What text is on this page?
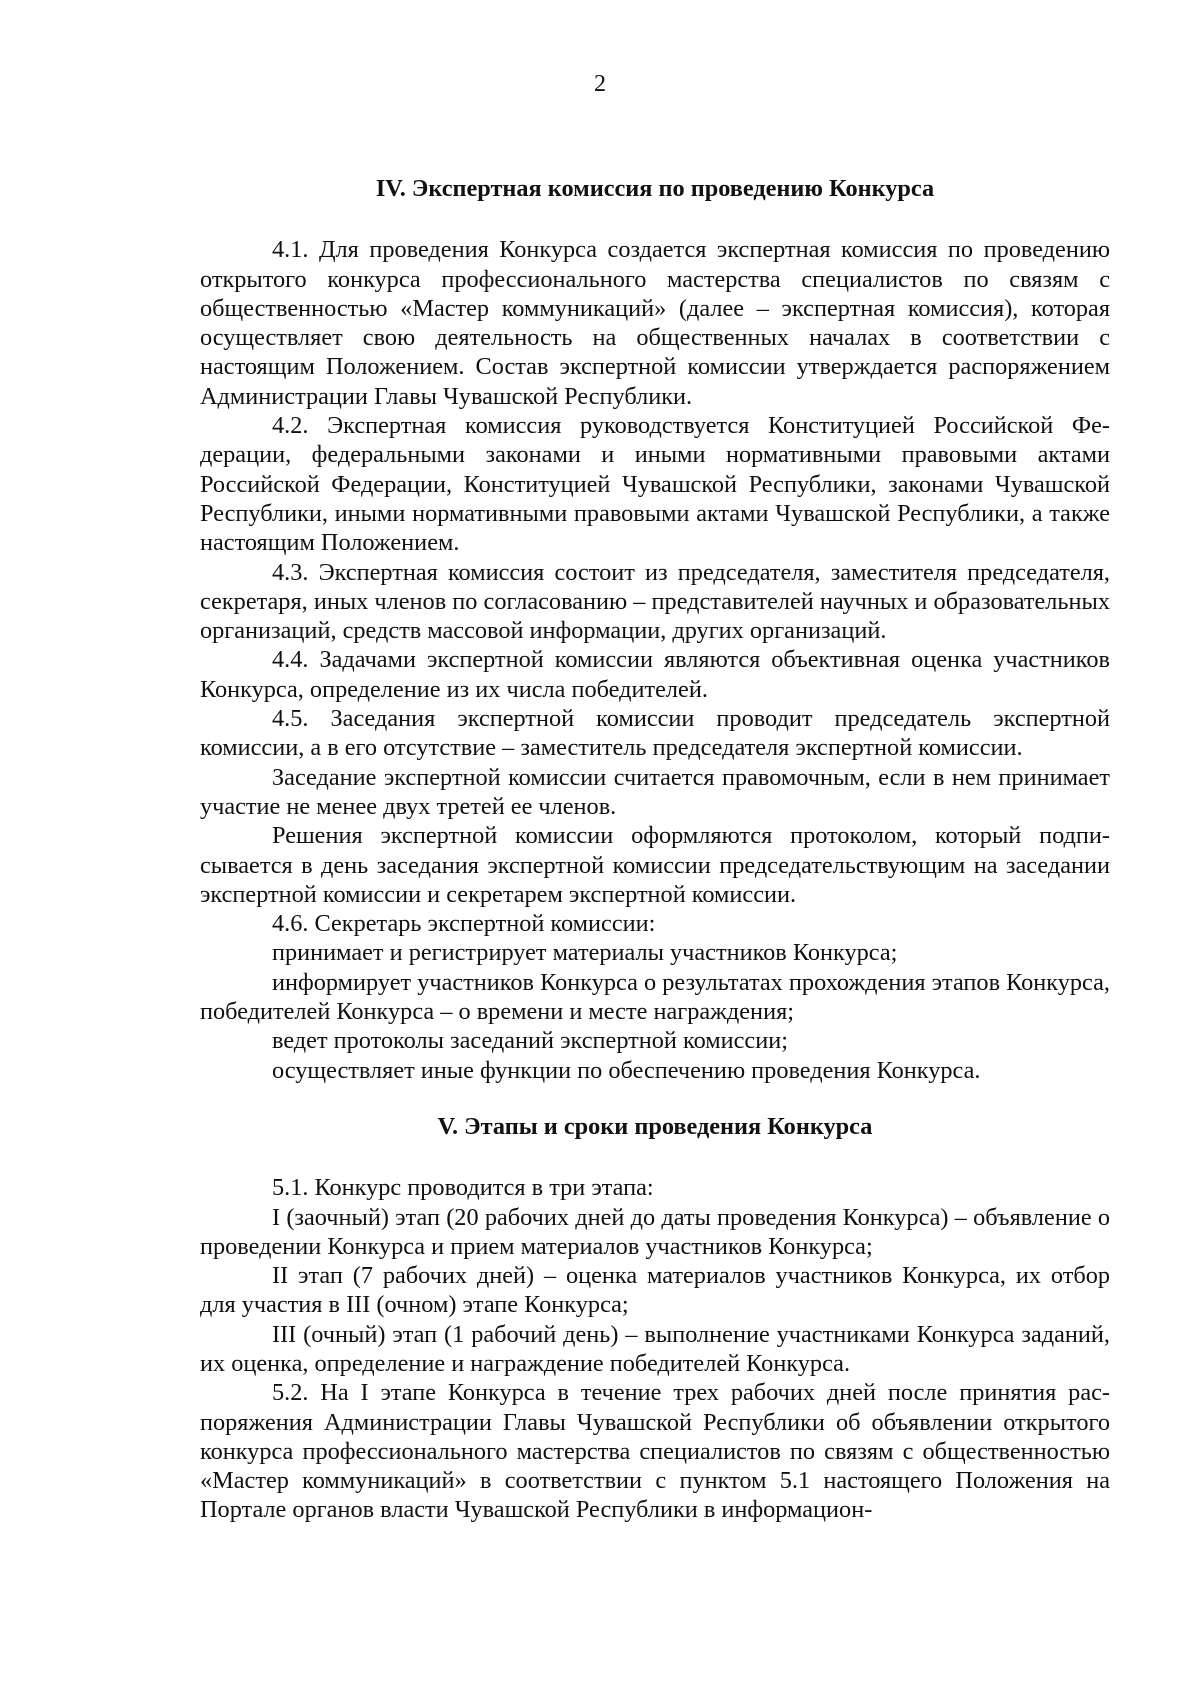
2

IV. Экспертная комиссия по проведению Конкурса

4.1. Для проведения Конкурса создается экспертная комиссия по проведению открытого конкурса профессионального мастерства специалистов по связям с общественностью «Мастер коммуникаций» (далее – экспертная комиссия), которая осуществляет свою деятельность на общественных началах в соответствии с настоящим Положением. Состав экспертной комиссии утверждается распоряжением Администрации Главы Чувашской Республики.

4.2. Экспертная комиссия руководствуется Конституцией Российской Федерации, федеральными законами и иными нормативными правовыми актами Российской Федерации, Конституцией Чувашской Республики, законами Чувашской Республики, иными нормативными правовыми актами Чувашской Республики, а также настоящим Положением.

4.3. Экспертная комиссия состоит из председателя, заместителя председателя, секретаря, иных членов по согласованию – представителей научных и образовательных организаций, средств массовой информации, других организаций.

4.4. Задачами экспертной комиссии являются объективная оценка участников Конкурса, определение из их числа победителей.

4.5. Заседания экспертной комиссии проводит председатель экспертной комиссии, а в его отсутствие – заместитель председателя экспертной комиссии.

Заседание экспертной комиссии считается правомочным, если в нем принимает участие не менее двух третей ее членов.

Решения экспертной комиссии оформляются протоколом, который подписывается в день заседания экспертной комиссии председательствующим на заседании экспертной комиссии и секретарем экспертной комиссии.

4.6. Секретарь экспертной комиссии:

принимает и регистрирует материалы участников Конкурса;

информирует участников Конкурса о результатах прохождения этапов Конкурса, победителей Конкурса – о времени и месте награждения;

ведет протоколы заседаний экспертной комиссии;

осуществляет иные функции по обеспечению проведения Конкурса.

V. Этапы и сроки проведения Конкурса

5.1. Конкурс проводится в три этапа:

I (заочный) этап (20 рабочих дней до даты проведения Конкурса) – объявление о проведении Конкурса и прием материалов участников Конкурса;

II этап (7 рабочих дней) – оценка материалов участников Конкурса, их отбор для участия в III (очном) этапе Конкурса;

III (очный) этап (1 рабочий день) – выполнение участниками Конкурса заданий, их оценка, определение и награждение победителей Конкурса.

5.2. На I этапе Конкурса в течение трех рабочих дней после принятия распоряжения Администрации Главы Чувашской Республики об объявлении открытого конкурса профессионального мастерства специалистов по связям с общественностью «Мастер коммуникаций» в соответствии с пунктом 5.1 настоящего Положения на Портале органов власти Чувашской Республики в информацион-
